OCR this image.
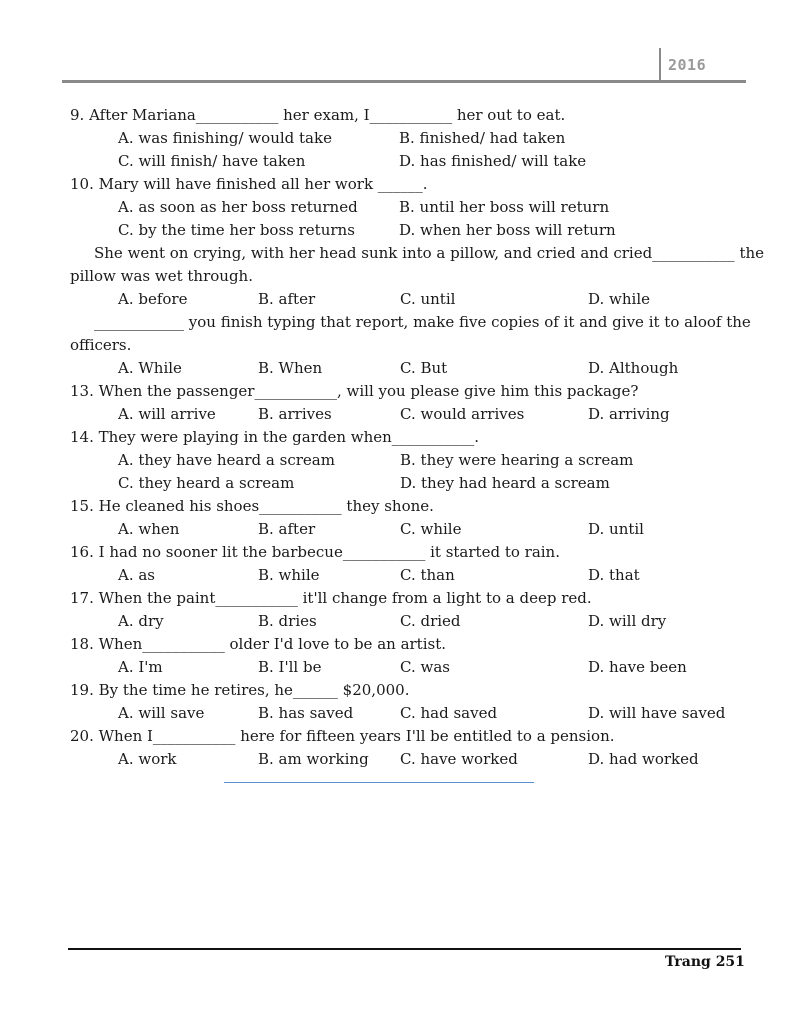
2016
9. After Mariana___________ her exam, I___________ her out to eat.
A. was finishing/ would take	B. finished/ had taken
C. will finish/ have taken	D. has finished/ will take
10. Mary will have finished all her work ______.
A. as soon as her boss returned	B. until her boss will return
C. by the time her boss returns	D. when her boss will return
She went on crying, with her head sunk into a pillow, and cried and cried___________ the
pillow was wet through.
A. before	B. after	C. until	D. while
____________ you finish typing that report, make five copies of it and give it to aloof the
officers.
A. While	B. When	C. But	D. Although
13. When the passenger___________, will you please give him this package?
A. will arrive	B. arrives	C. would arrives	D. arriving
14. They were playing in the garden when___________.
A. they have heard a scream	B. they were hearing a scream
C. they heard a scream	D. they had heard a scream
15. He cleaned his shoes___________ they shone.
A. when	B. after	C. while	D. until
16. I had no sooner lit the barbecue___________ it started to rain.
A. as	B. while	C. than	D. that
17. When the paint___________ it'll change from a light to a deep red.
A. dry	B. dries	C. dried	D. will dry
18. When___________ older I'd love to be an artist.
A. I'm	B. I'll be	C. was	D. have been
19. By the time he retires, he______ $20,000.
A. will save	B. has saved	C. had saved	D. will have saved
20. When I___________ here for fifteen years I'll be entitled to a pension.
A. work	B. am working C. have worked	D. had worked
Trang 251
